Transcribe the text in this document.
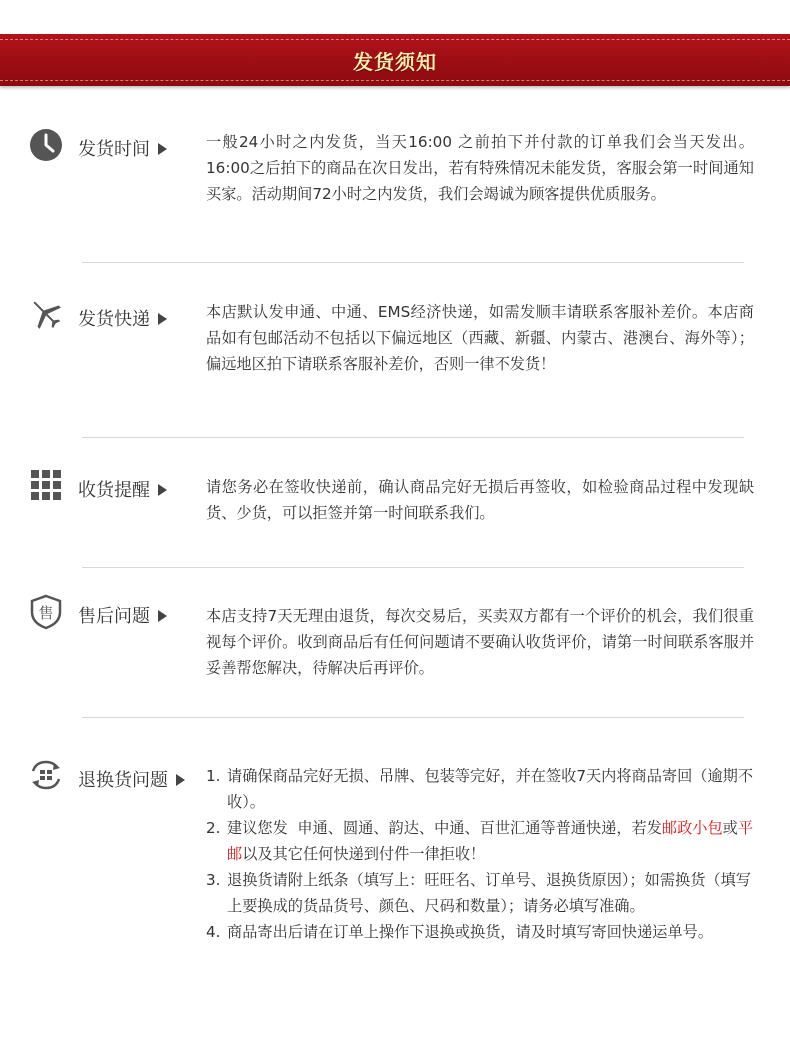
发货须知
发货时间	一般24小时之内发货，当天16:00 之前拍下并付款的订单我们会当天发出。16:00之后拍下的商品在次日发出，若有特殊情况未能发货，客服会第一时间通知买家。活动期间72小时之内发货，我们会竭诚为顾客提供优质服务。
发货快递	本店默认发申通、中通、EMS经济快递，如需发顺丰请联系客服补差价。本店商品如有包邮活动不包括以下偏远地区（西藏、新疆、内蒙古、港澳台、海外等）；偏远地区拍下请联系客服补差价，否则一律不发货！
收货提醒	请您务必在签收快递前，确认商品完好无损后再签收，如检验商品过程中发现缺货、少货，可以拒签并第一时间联系我们。
售 售后问题	本店支持7天无理由退货，每次交易后，买卖双方都有一个评价的机会，我们很重视每个评价。收到商品后有任何问题请不要确认收货评价，请第一时间联系客服并妥善帮您解决，待解决后再评价。
退换货问题	1. 请确保商品完好无损、吊牌、包装等完好，并在签收7天内将商品寄回（逾期不收）。
2. 建议您发  申通、圆通、韵达、中通、百世汇通等普通快递，若发邮政小包或平邮以及其它任何快递到付件一律拒收！
3. 退换货请附上纸条（填写上：旺旺名、订单号、退换货原因）；如需换货（填写上要换成的货品货号、颜色、尺码和数量）；请务必填写准确。
4. 商品寄出后请在订单上操作下退换或换货，请及时填写寄回快递运单号。
